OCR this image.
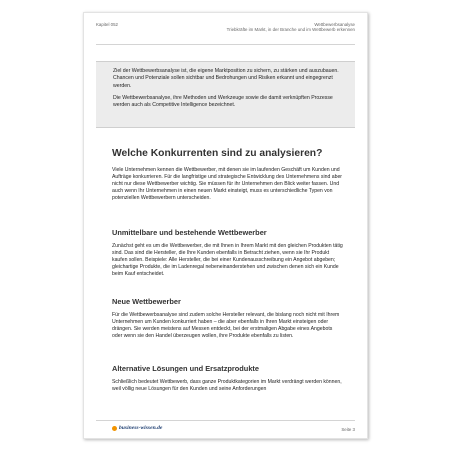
Kapitel 052	Wettbewerbsanalyse
Triebkräfte im Markt, in der Branche und im Wettbewerb erkennen

Ziel der Wettbewerbsanalyse ist, die eigene Marktposition zu sichern, zu stärken und auszubauen. Chancen und Potenziale sollen sichtbar und Bedrohungen und Risiken erkannt und eingegrenzt werden.

Die Wettbewerbsanalyse, ihre Methoden und Werkzeuge sowie die damit verknüpften Prozesse werden auch als Competitive Intelligence bezeichnet.

Welche Konkurrenten sind zu analysieren?

Viele Unternehmen kennen die Wettbewerber, mit denen sie im laufenden Geschäft um Kunden und Aufträge konkurrieren. Für die langfristige und strategische Entwicklung des Unternehmens sind aber nicht nur diese Wettbewerber wichtig. Sie müssen für ihr Unternehmen den Blick weiter fassen. Und auch wenn Ihr Unternehmen in einen neuen Markt einsteigt, muss es unterschiedliche Typen von potenziellen Wettbewerbern unterscheiden.

Unmittelbare und bestehende Wettbewerber

Zunächst geht es um die Wettbewerber, die mit Ihnen in Ihrem Markt mit den gleichen Produkten tätig sind. Das sind die Hersteller, die Ihre Kunden ebenfalls in Betracht ziehen, wenn sie Ihr Produkt kaufen sollen. Beispiele: Alle Hersteller, die bei einer Kundenausschreibung ein Angebot abgeben; gleichartige Produkte, die im Ladenregal nebeneinanderstehen und zwischen denen sich ein Kunde beim Kauf entscheidet.

Neue Wettbewerber

Für die Wettbewerbsanalyse sind zudem solche Hersteller relevant, die bislang noch nicht mit Ihrem Unternehmen um Kunden konkurriert haben – die aber ebenfalls in Ihren Markt einsteigen oder drängen. Sie werden meistens auf Messen entdeckt, bei der erstmaligen Abgabe eines Angebots oder wenn sie den Handel überzeugen wollen, ihre Produkte ebenfalls zu listen.

Alternative Lösungen und Ersatzprodukte

Schließlich bedeutet Wettbewerb, dass ganze Produktkategorien im Markt verdrängt werden können, weil völlig neue Lösungen für den Kunden und seine Anforderungen

business-wissen.de	Seite 3
